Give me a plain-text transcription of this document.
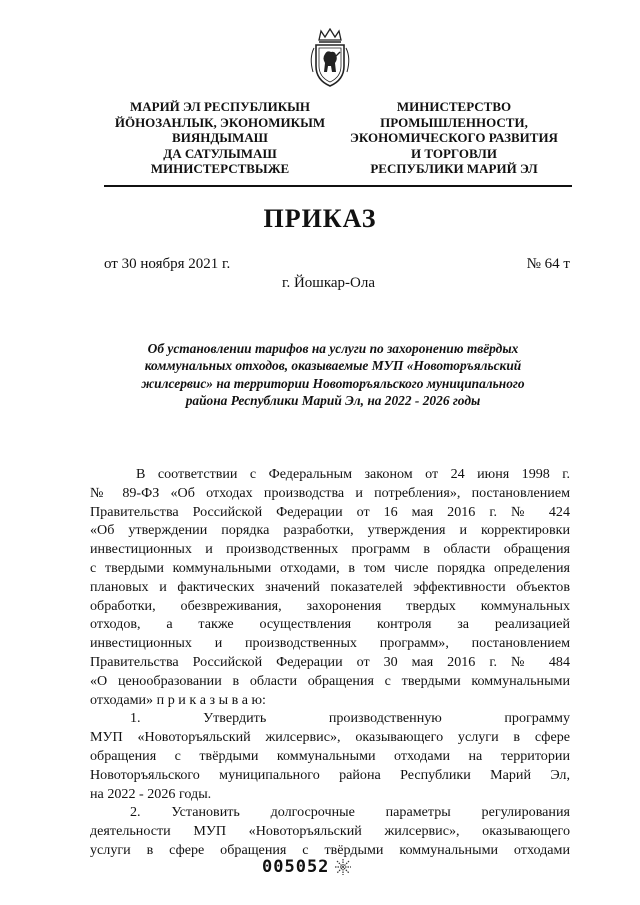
МАРИЙ ЭЛ РЕСПУБЛИКЫН
ЙÖНОЗАНЛЫК, ЭКОНОМИКЫМ
ВИЯНДЫМАШ
ДА САТУЛЫМАШ
МИНИСТЕРСТВЫЖЕ
МИНИСТЕРСТВО
ПРОМЫШЛЕННОСТИ,
ЭКОНОМИЧЕСКОГО РАЗВИТИЯ
И ТОРГОВЛИ
РЕСПУБЛИКИ МАРИЙ ЭЛ
ПРИКАЗ
от 30 ноября 2021 г.	№ 64 т
г. Йошкар-Ола
Об установлении тарифов на услуги по захоронению твёрдых
коммунальных отходов, оказываемые МУП «Новоторъяльский
жилсервис» на территории Новоторъяльского муниципального
района Республики Марий Эл, на 2022 - 2026 годы
В соответствии с Федеральным законом от 24 июня 1998 г.
№ 89-ФЗ «Об отходах производства и потребления», постановлением
Правительства Российской Федерации от 16 мая 2016 г. № 424
«Об утверждении порядка разработки, утверждения и корректировки
инвестиционных и производственных программ в области обращения
с твердыми коммунальными отходами, в том числе порядка определения
плановых и фактических значений показателей эффективности объектов
обработки, обезвреживания, захоронения твердых коммунальных
отходов, а также осуществления контроля за реализацией
инвестиционных и производственных программ», постановлением
Правительства Российской Федерации от 30 мая 2016 г. № 484
«О ценообразовании в области обращения с твердыми коммунальными
отходами» п р и к а з ы в а ю:
1. Утвердить производственную программу
МУП «Новоторъяльский жилсервис», оказывающего услуги в сфере
обращения с твёрдыми коммунальными отходами на территории
Новоторъяльского муниципального района Республики Марий Эл,
на 2022 - 2026 годы.
2. Установить долгосрочные параметры регулирования
деятельности МУП «Новоторъяльский жилсервис», оказывающего
услуги в сфере обращения с твёрдыми коммунальными отходами
005052
